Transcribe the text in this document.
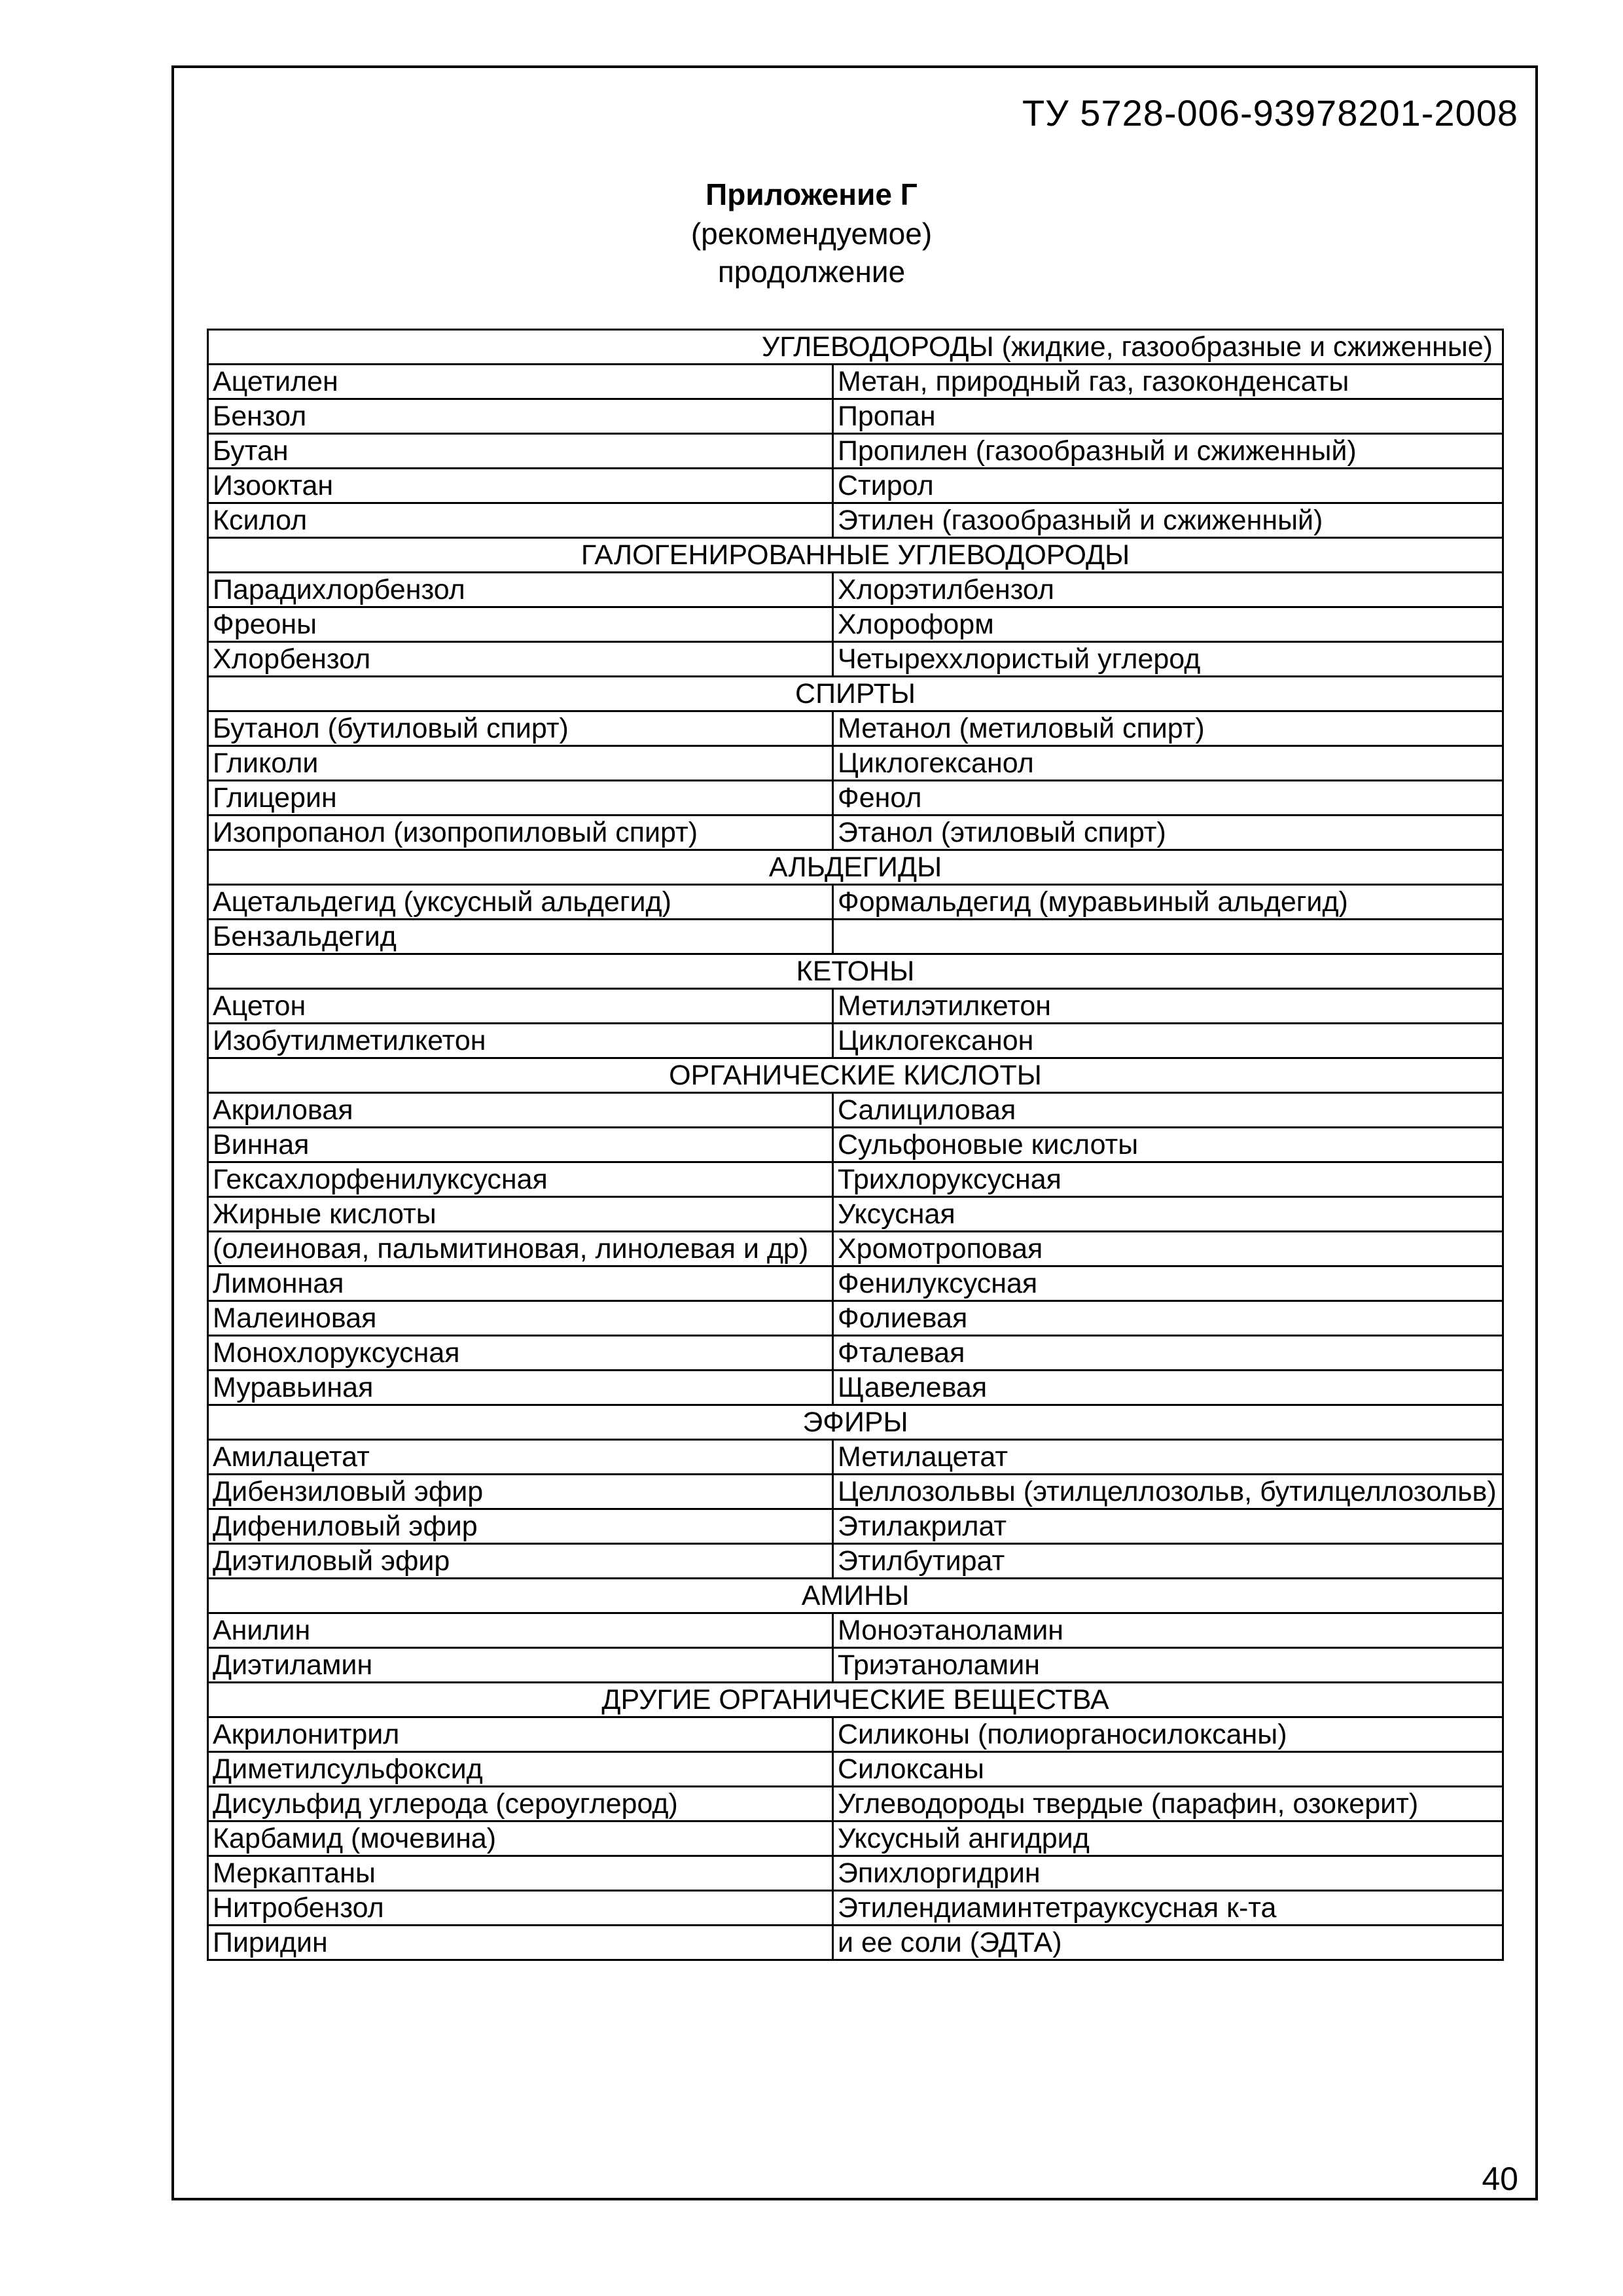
ТУ 5728-006-93978201-2008
Приложение Г
(рекомендуемое)
продолжение
УГЛЕВОДОРОДЫ (жидкие, газообразные и сжиженные)	
Ацетилен	Метан, природный газ, газоконденсаты
Бензол	Пропан
Бутан	Пропилен (газообразный и сжиженный)
Изооктан	Стирол
Ксилол	Этилен (газообразный и сжиженный)
ГАЛОГЕНИРОВАННЫЕ УГЛЕВОДОРОДЫ	
Парадихлорбензол	Хлорэтилбензол
Фреоны	Хлороформ
Хлорбензол	Четыреххлористый углерод
СПИРТЫ	
Бутанол (бутиловый спирт)	Метанол (метиловый спирт)
Гликоли	Циклогексанол
Глицерин	Фенол
Изопропанол (изопропиловый спирт)	Этанол (этиловый спирт)
АЛЬДЕГИДЫ	
Ацетальдегид (уксусный альдегид)	Формальдегид (муравьиный альдегид)
Бензальдегид	
КЕТОНЫ	
Ацетон	Метилэтилкетон
Изобутилметилкетон	Циклогексанон
ОРГАНИЧЕСКИЕ КИСЛОТЫ	
Акриловая	Салициловая
Винная	Сульфоновые кислоты
Гексахлорфенилуксусная	Трихлоруксусная
Жирные кислоты	Уксусная
(олеиновая, пальмитиновая, линолевая и др)	Хромотроповая
Лимонная	Фенилуксусная
Малеиновая	Фолиевая
Монохлоруксусная	Фталевая
Муравьиная	Щавелевая
ЭФИРЫ	
Амилацетат	Метилацетат
Дибензиловый эфир	Целлозольвы (этилцеллозольв, бутилцеллозольв)
Дифениловый эфир	Этилакрилат
Диэтиловый эфир	Этилбутират
АМИНЫ	
Анилин	Моноэтаноламин
Диэтиламин	Триэтаноламин
ДРУГИЕ ОРГАНИЧЕСКИЕ ВЕЩЕСТВА	
Акрилонитрил	Силиконы (полиорганосилоксаны)
Диметилсульфоксид	Силоксаны
Дисульфид углерода (сероуглерод)	Углеводороды твердые (парафин, озокерит)
Карбамид (мочевина)	Уксусный ангидрид
Меркаптаны	Эпихлоргидрин
Нитробензол	Этилендиаминтетрауксусная к-та
Пиридин	и ее соли (ЭДТА)
40
